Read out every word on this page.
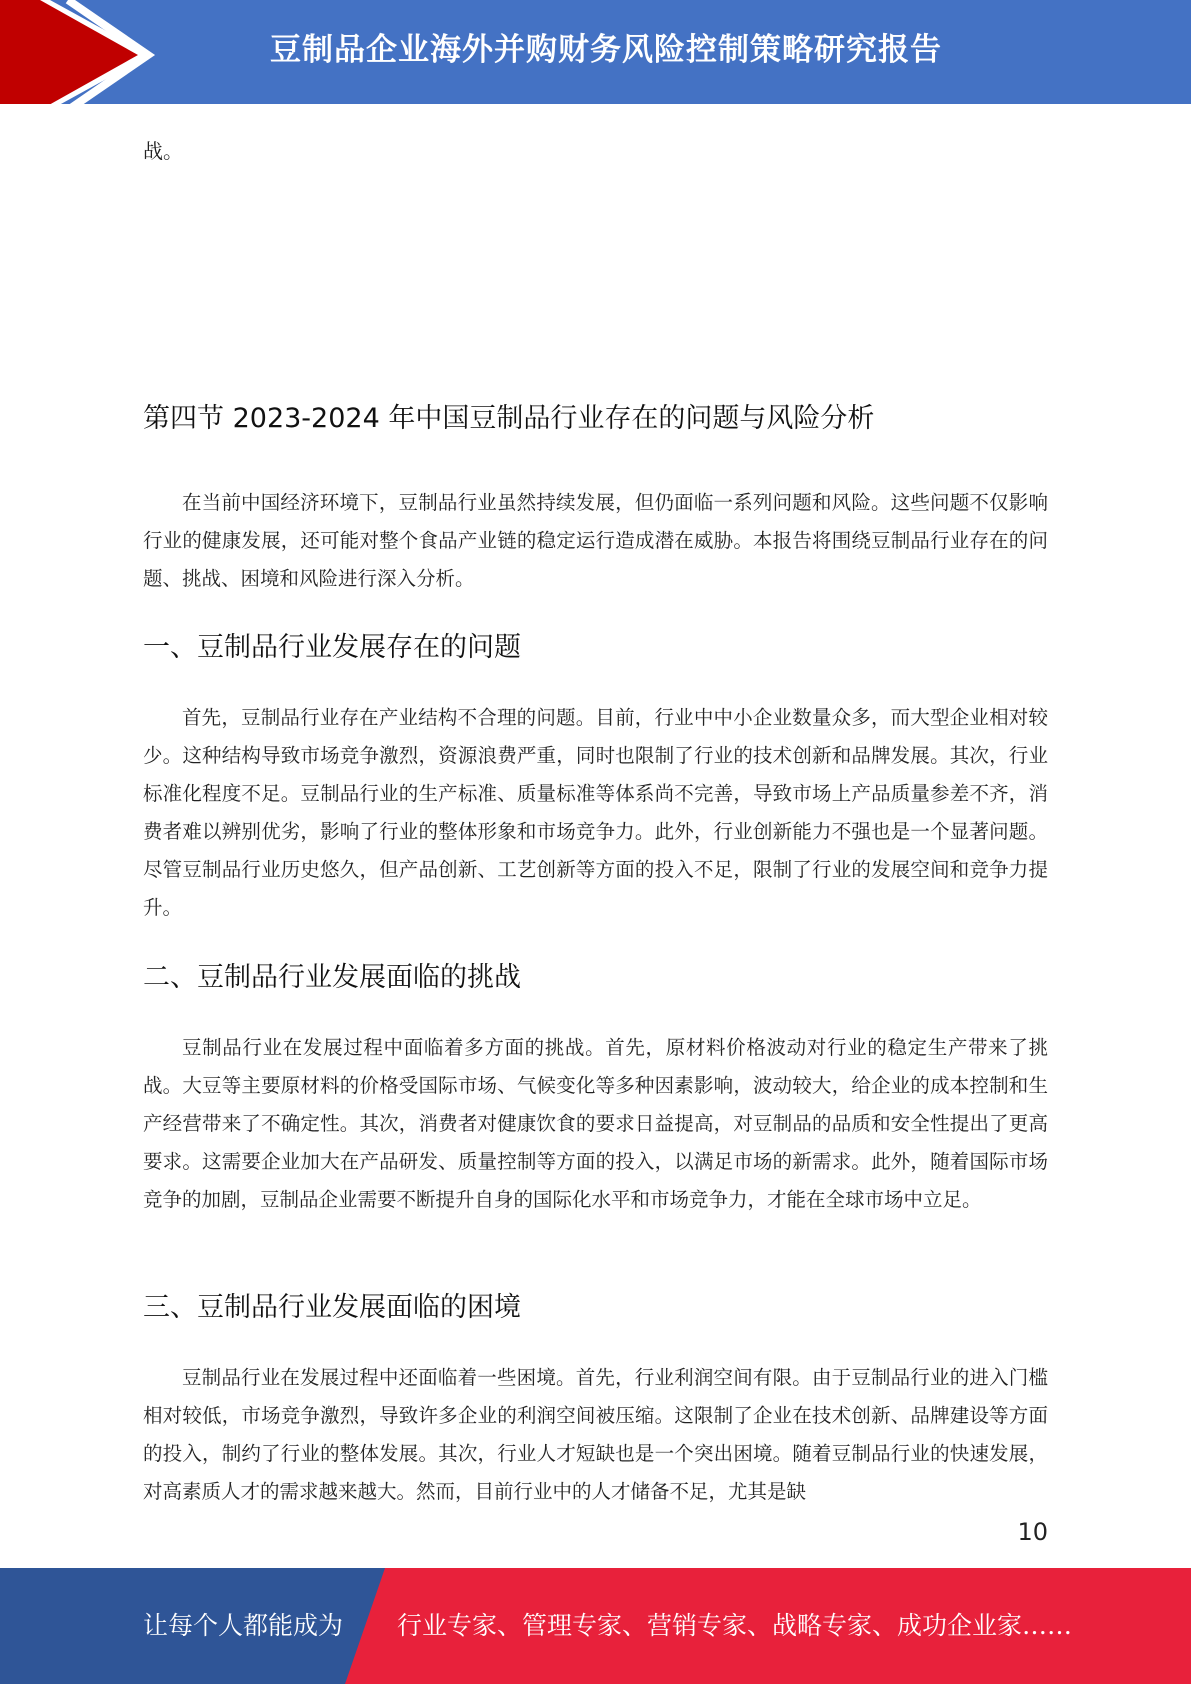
豆制品企业海外并购财务风险控制策略研究报告

战。

第四节 2023-2024 年中国豆制品行业存在的问题与风险分析

在当前中国经济环境下，豆制品行业虽然持续发展，但仍面临一系列问题和风险。这些问题不仅影响行业的健康发展，还可能对整个食品产业链的稳定运行造成潜在威胁。本报告将围绕豆制品行业存在的问题、挑战、困境和风险进行深入分析。

一、豆制品行业发展存在的问题

首先，豆制品行业存在产业结构不合理的问题。目前，行业中中小企业数量众多，而大型企业相对较少。这种结构导致市场竞争激烈，资源浪费严重，同时也限制了行业的技术创新和品牌发展。其次，行业标准化程度不足。豆制品行业的生产标准、质量标准等体系尚不完善，导致市场上产品质量参差不齐，消费者难以辨别优劣，影响了行业的整体形象和市场竞争力。此外，行业创新能力不强也是一个显著问题。尽管豆制品行业历史悠久，但产品创新、工艺创新等方面的投入不足，限制了行业的发展空间和竞争力提升。

二、豆制品行业发展面临的挑战

豆制品行业在发展过程中面临着多方面的挑战。首先，原材料价格波动对行业的稳定生产带来了挑战。大豆等主要原材料的价格受国际市场、气候变化等多种因素影响，波动较大，给企业的成本控制和生产经营带来了不确定性。其次，消费者对健康饮食的要求日益提高，对豆制品的品质和安全性提出了更高要求。这需要企业加大在产品研发、质量控制等方面的投入，以满足市场的新需求。此外，随着国际市场竞争的加剧，豆制品企业需要不断提升自身的国际化水平和市场竞争力，才能在全球市场中立足。

三、豆制品行业发展面临的困境

豆制品行业在发展过程中还面临着一些困境。首先，行业利润空间有限。由于豆制品行业的进入门槛相对较低，市场竞争激烈，导致许多企业的利润空间被压缩。这限制了企业在技术创新、品牌建设等方面的投入，制约了行业的整体发展。其次，行业人才短缺也是一个突出困境。随着豆制品行业的快速发展，对高素质人才的需求越来越大。然而，目前行业中的人才储备不足，尤其是缺

10
让每个人都能成为 行业专家、管理专家、营销专家、战略专家、成功企业家……
